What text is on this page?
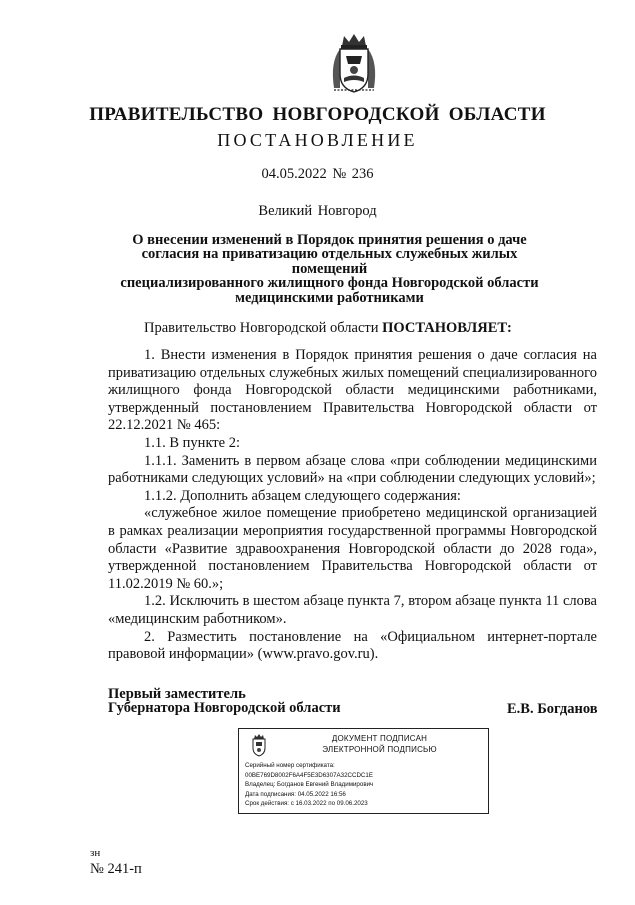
ПРАВИТЕЛЬСТВО НОВГОРОДСКОЙ ОБЛАСТИ
ПОСТАНОВЛЕНИЕ
04.05.2022 № 236
Великий Новгород
О внесении изменений в Порядок принятия решения о даче
согласия на приватизацию отдельных служебных жилых помещений
специализированного жилищного фонда Новгородской области
медицинскими работниками
Правительство Новгородской области ПОСТАНОВЛЯЕТ:

1. Внести изменения в Порядок принятия решения о даче согласия на приватизацию отдельных служебных жилых помещений специализированного жилищного фонда Новгородской области медицинскими работниками, утвержденный постановлением Правительства Новгородской области от 22.12.2021 № 465:

1.1. В пункте 2:

1.1.1. Заменить в первом абзаце слова «при соблюдении медицинскими работниками следующих условий» на «при соблюдении следующих условий»;

1.1.2. Дополнить абзацем следующего содержания:

«служебное жилое помещение приобретено медицинской организацией в рамках реализации мероприятия государственной программы Новгородской области «Развитие здравоохранения Новгородской области до 2028 года», утвержденной постановлением Правительства Новгородской области от 11.02.2019 № 60.»;

1.2. Исключить в шестом абзаце пункта 7, втором абзаце пункта 11 слова «медицинским работником».

2. Разместить постановление на «Официальном интернет-портале правовой информации» (www.pravo.gov.ru).

Первый заместитель
Губернатора Новгородской области	Е.В. Богданов
ДОКУМЕНТ ПОДПИСАН
ЭЛЕКТРОННОЙ ПОДПИСЬЮ
Серийный номер сертификата:
00BE769D8002F6A4F5E3D6307A32CCDC1E
Владелец: Богданов Евгений Владимирович
Дата подписания: 04.05.2022 16:56
Срок действия: с 16.03.2022 по 09.06.2023
зн
№ 241-п
